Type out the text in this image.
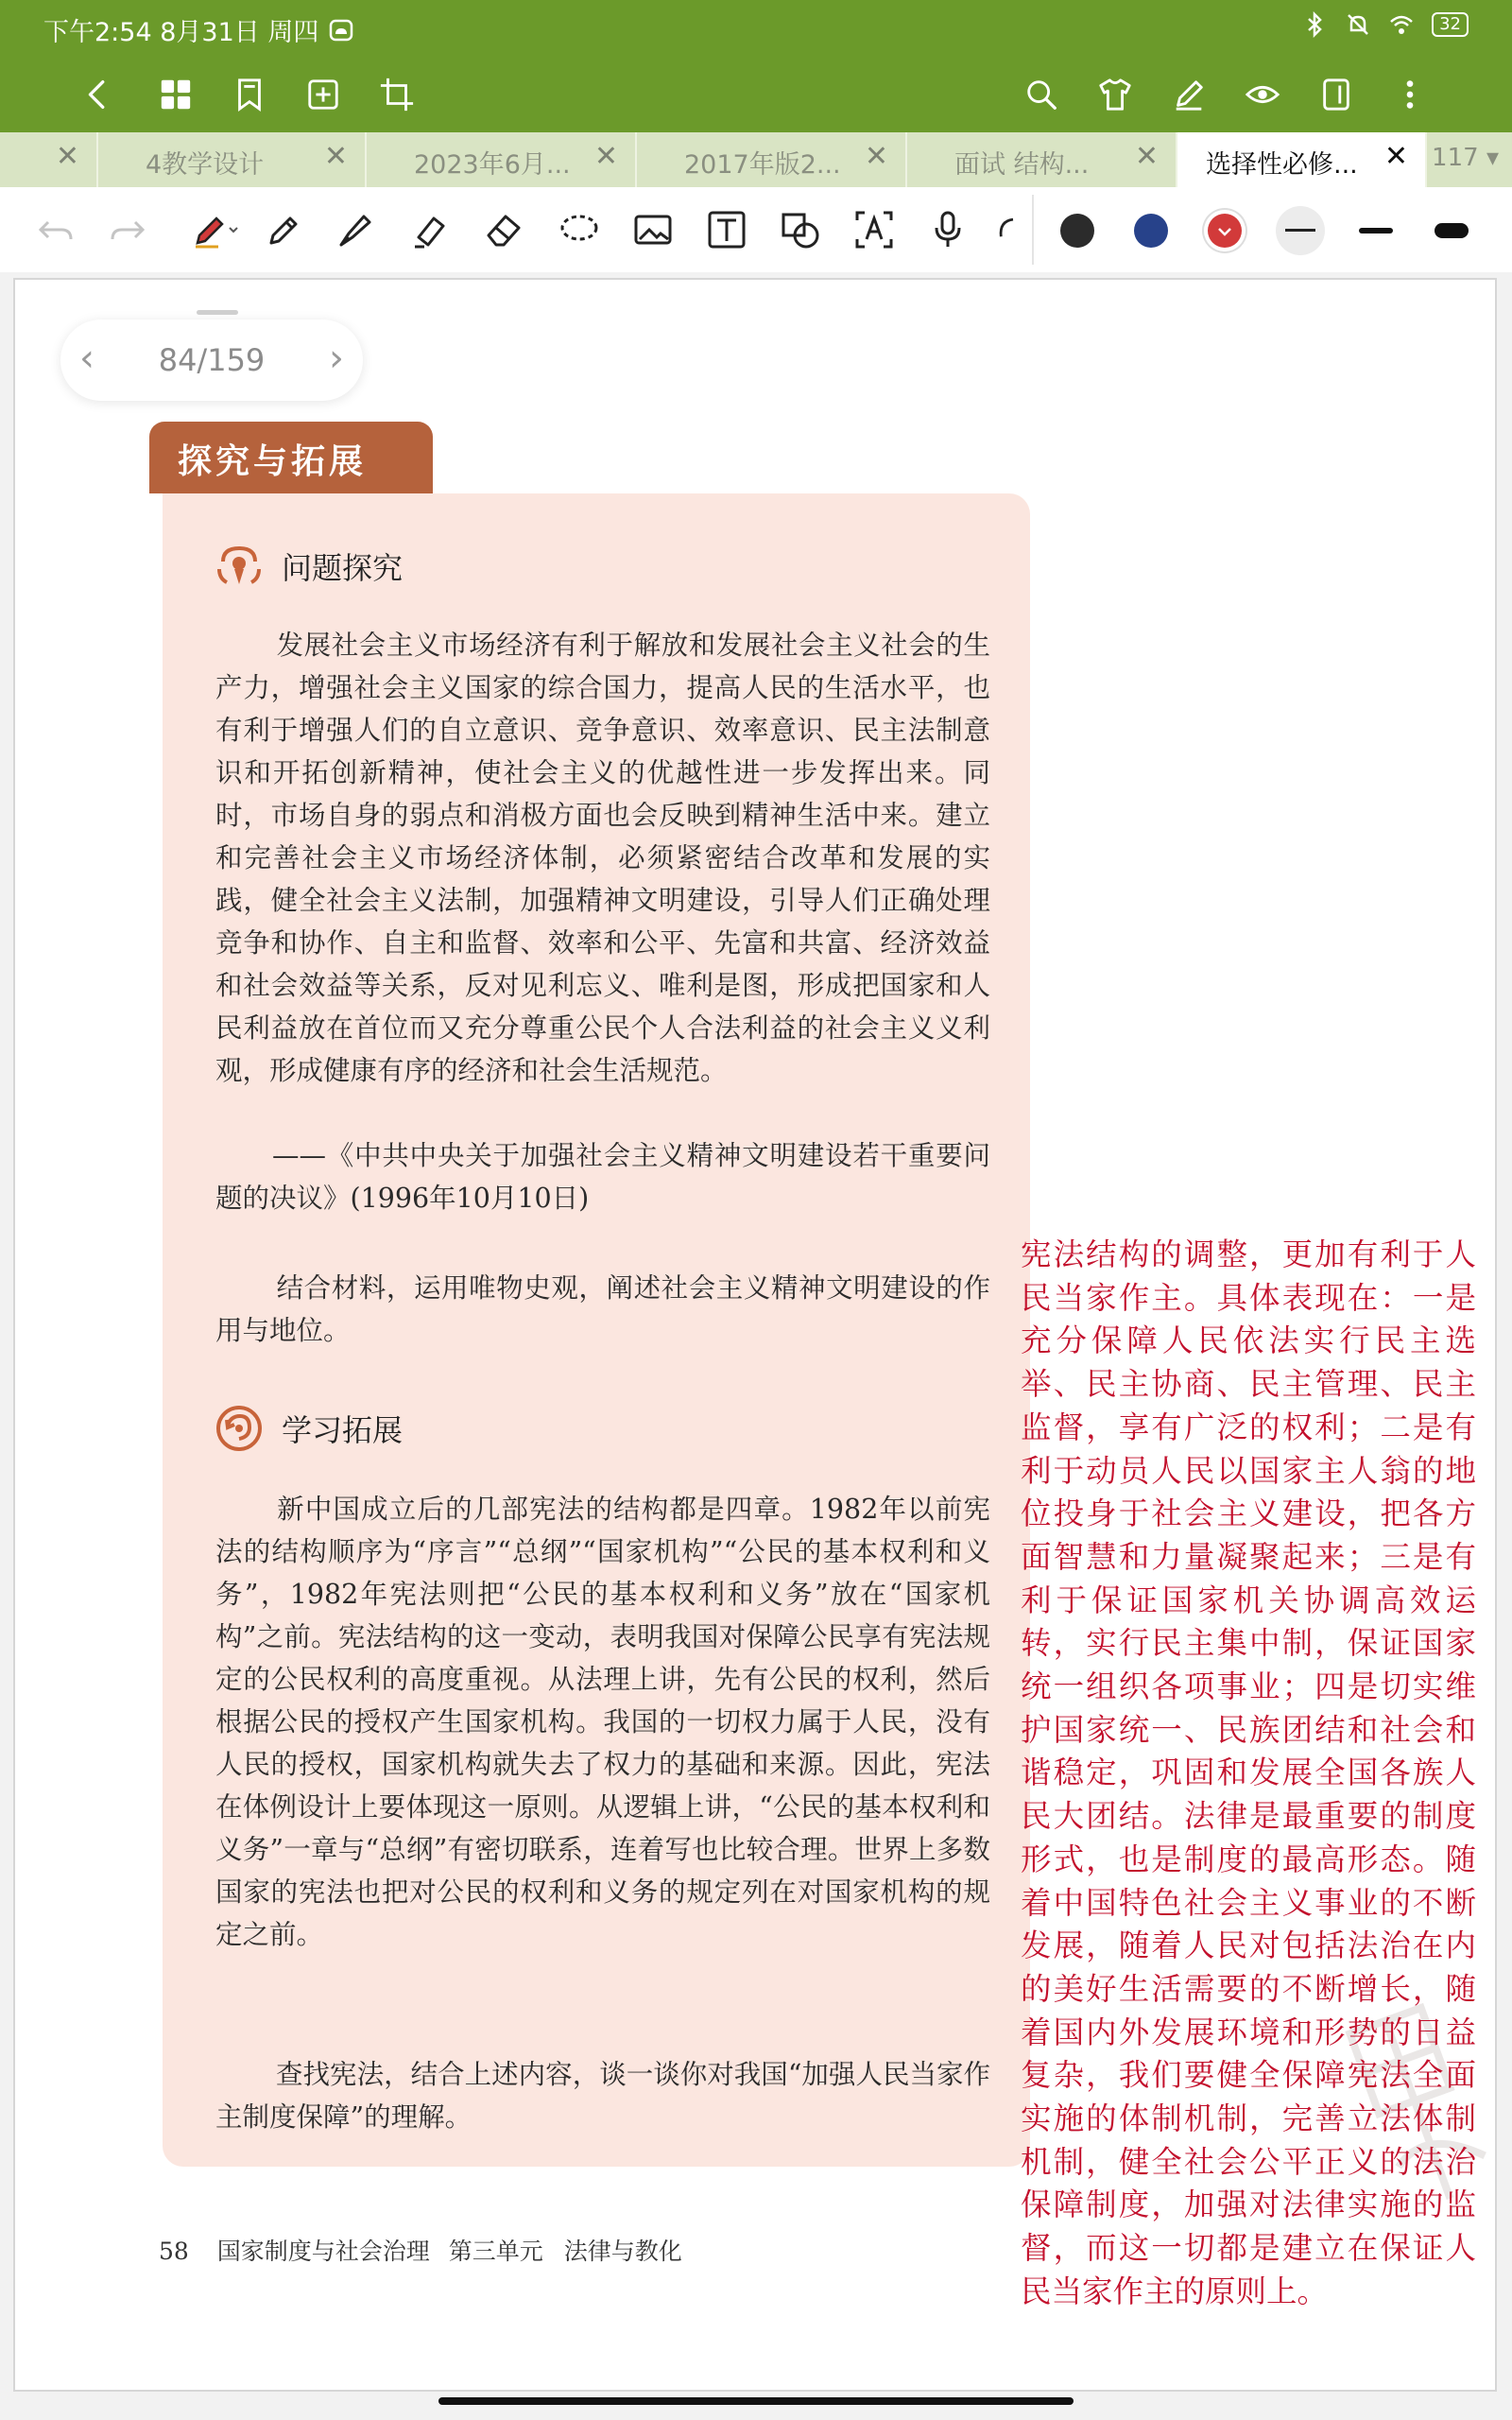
下午2:54 8月31日 周四	32
✕	4教学设计 ✕	2023年6月... ✕	2017年版2... ✕	面试 结构... ✕ 选择性必修... ✕ 117 ▾
‹	84/159	›
探究与拓展
问题探究

发展社会主义市场经济有利于解放和发展社会主义社会的生产力，增强社会主义国家的综合国力，提高人民的生活水平，也有利于增强人们的自立意识、竞争意识、效率意识、民主法制意识和开拓创新精神，使社会主义的优越性进一步发挥出来。同时，市场自身的弱点和消极方面也会反映到精神生活中来。建立和完善社会主义市场经济体制，必须紧密结合改革和发展的实践，健全社会主义法制，加强精神文明建设，引导人们正确处理竞争和协作、自主和监督、效率和公平、先富和共富、经济效益和社会效益等关系，反对见利忘义、唯利是图，形成把国家和人民利益放在首位而又充分尊重公民个人合法利益的社会主义义利观，形成健康有序的经济和社会生活规范。

——《中共中央关于加强社会主义精神文明建设若干重要问题的决议》(1996年10月10日)

结合材料，运用唯物史观，阐述社会主义精神文明建设的作用与地位。

学习拓展

新中国成立后的几部宪法的结构都是四章。1982年以前宪法的结构顺序为“序言”“总纲”“国家机构”“公民的基本权利和义务”，1982年宪法则把“公民的基本权利和义务”放在“国家机构”之前。宪法结构的这一变动，表明我国对保障公民享有宪法规定的公民权利的高度重视。从法理上讲，先有公民的权利，然后根据公民的授权产生国家机构。我国的一切权力属于人民，没有人民的授权，国家机构就失去了权力的基础和来源。因此，宪法在体例设计上要体现这一原则。从逻辑上讲，“公民的基本权利和义务”一章与“总纲”有密切联系，连着写也比较合理。世界上多数国家的宪法也把对公民的权利和义务的规定列在对国家机构的规定之前。

查找宪法，结合上述内容，谈一谈你对我国“加强人民当家作主制度保障”的理解。

58 国家制度与社会治理 第三单元 法律与教化
宪法结构的调整，更加有利于人民当家作主。具体表现在：一是充分保障人民依法实行民主选举、民主协商、民主管理、民主监督，享有广泛的权利；二是有利于动员人民以国家主人翁的地位投身于社会主义建设，把各方面智慧和力量凝聚起来；三是有利于保证国家机关协调高效运转，实行民主集中制，保证国家统一组织各项事业；四是切实维护国家统一、民族团结和社会和谐稳定，巩固和发展全国各族人民大团结。法律是最重要的制度形式，也是制度的最高形态。随着中国特色社会主义事业的不断发展，随着人民对包括法治在内的美好生活需要的不断增长，随着国内外发展环境和形势的日益复杂，我们要健全保障宪法全面实施的体制机制，完善立法体制机制，健全社会公平正义的法治保障制度，加强对法律实施的监督，而这一切都是建立在保证人民当家作主的原则上。
